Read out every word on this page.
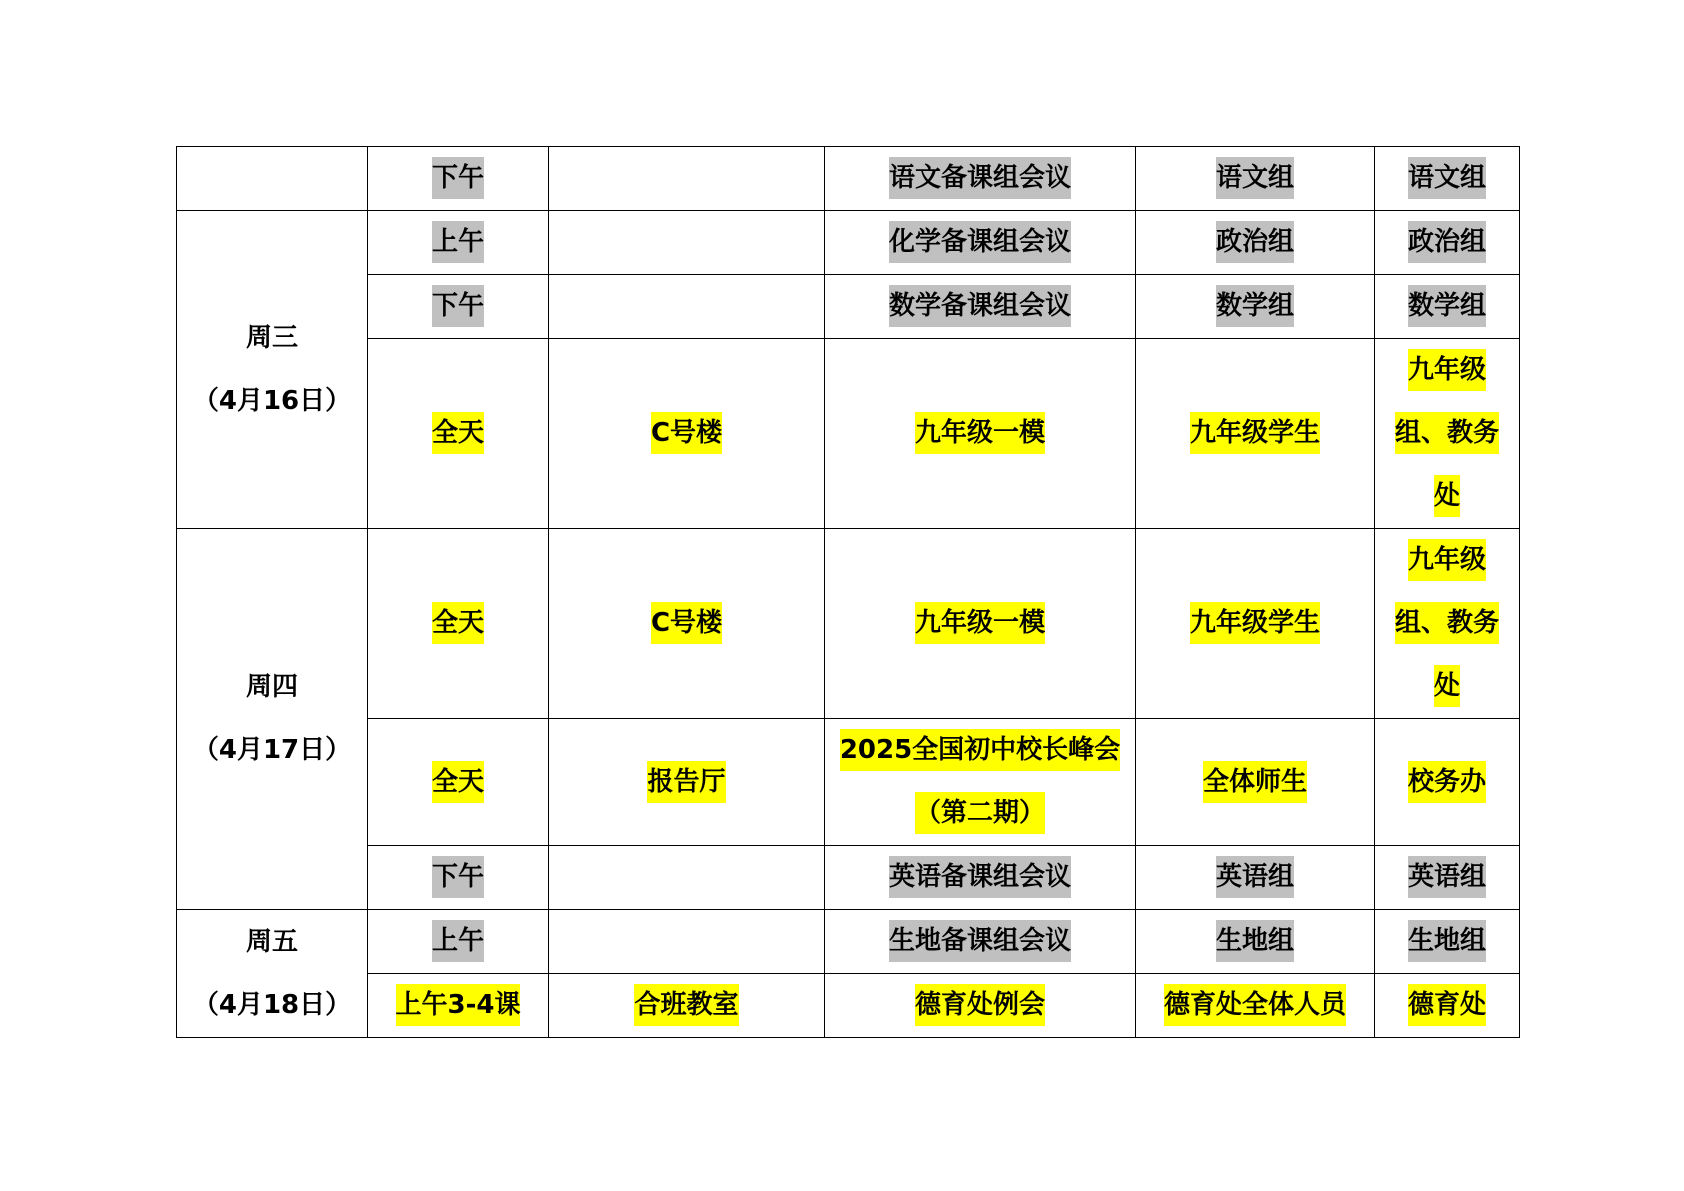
	下午		语文备课组会议	语文组	语文组

周三
（4月16日）	上午		化学备课组会议	政治组	政治组
	下午		数学备课组会议	数学组	数学组
	全天	C号楼	九年级一模	九年级学生	九年级组、教务处

周四
（4月17日）	全天	C号楼	九年级一模	九年级学生	九年级组、教务处
	全天	报告厅	2025全国初中校长峰会（第二期）	全体师生	校务办
	下午		英语备课组会议	英语组	英语组

周五
（4月18日）	上午		生地备课组会议	生地组	生地组
	上午3-4课	合班教室	德育处例会	德育处全体人员	德育处
